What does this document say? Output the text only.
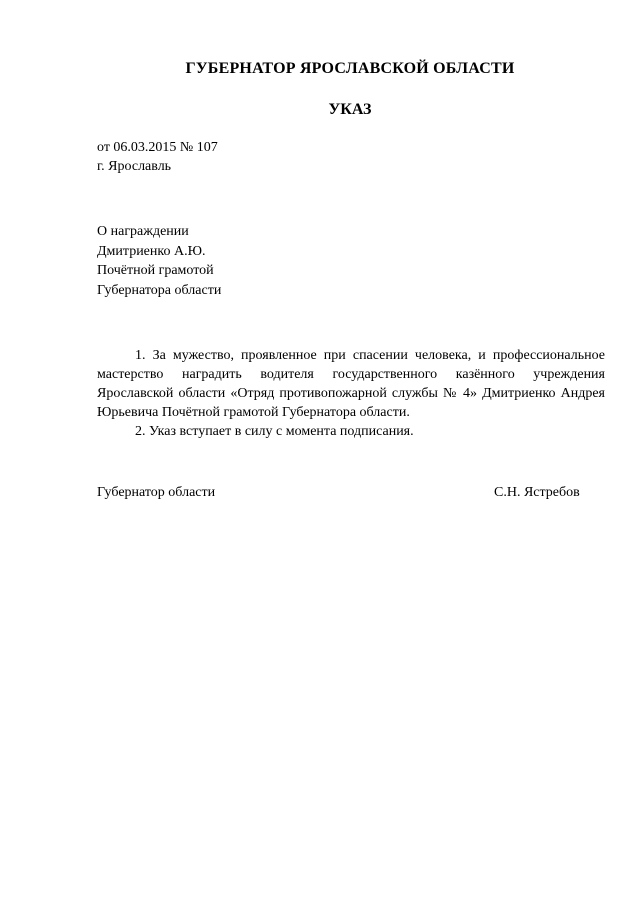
ГУБЕРНАТОР ЯРОСЛАВСКОЙ ОБЛАСТИ
УКАЗ
от 06.03.2015 № 107
г. Ярославль
О награждении
Дмитриенко А.Ю.
Почётной грамотой
Губернатора области

1. За мужество, проявленное при спасении человека, и профессиональное мастерство наградить водителя государственного казённого учреждения Ярославской области «Отряд противопожарной службы № 4» Дмитриенко Андрея Юрьевича Почётной грамотой Губернатора области.

2. Указ вступает в силу с момента подписания.

Губернатор области	С.Н. Ястребов
